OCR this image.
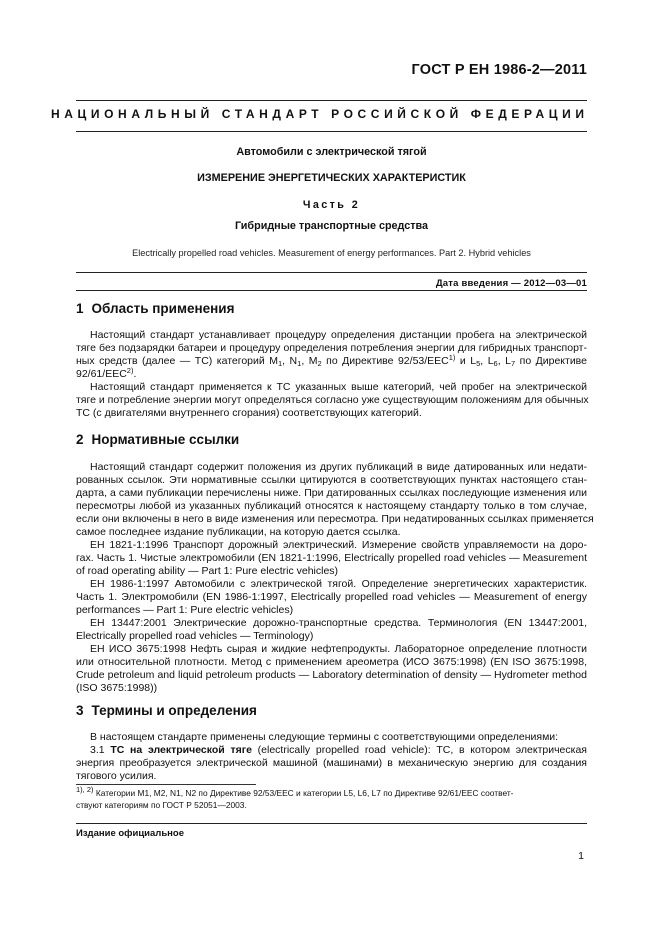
ГОСТ Р ЕН 1986-2—2011
НАЦИОНАЛЬНЫЙ СТАНДАРТ РОССИЙСКОЙ ФЕДЕРАЦИИ
Автомобили с электрической тягой
ИЗМЕРЕНИЕ ЭНЕРГЕТИЧЕСКИХ ХАРАКТЕРИСТИК
Часть 2
Гибридные транспортные средства
Electrically propelled road vehicles. Measurement of energy performances. Part 2. Hybrid vehicles
Дата введения — 2012—03—01
1 Область применения
Настоящий стандарт устанавливает процедуру определения дистанции пробега на электрической
тяге без подзарядки батареи и процедуру определения потребления энергии для гибридных транспорт-
ных средств (далее — ТС) категорий $M_1$, $N_1$, $M_2$ по Директиве 92/53/EEC$^{1)}$ и $L_5$, $L_6$, $L_7$ по Директиве
92/61/EEC$^{2)}$.
Настоящий стандарт применяется к ТС указанных выше категорий, чей пробег на электрической
тяге и потребление энергии могут определяться согласно уже существующим положениям для обычных
ТС (с двигателями внутреннего сгорания) соответствующих категорий.
2 Нормативные ссылки
Настоящий стандарт содержит положения из других публикаций в виде датированных или недати-
рованных ссылок. Эти нормативные ссылки цитируются в соответствующих пунктах настоящего стан-
дарта, а сами публикации перечислены ниже. При датированных ссылках последующие изменения или
пересмотры любой из указанных публикаций относятся к настоящему стандарту только в том случае,
если они включены в него в виде изменения или пересмотра. При недатированных ссылках применяется
самое последнее издание публикации, на которую дается ссылка.
ЕН 1821-1:1996 Транспорт дорожный электрический. Измерение свойств управляемости на доро-
гах. Часть 1. Чистые электромобили (EN 1821-1:1996, Electrically propelled road vehicles — Measurement
of road operating ability — Part 1: Pure electric vehicles)
ЕН 1986-1:1997 Автомобили с электрической тягой. Определение энергетических характеристик.
Часть 1. Электромобили (EN 1986-1:1997, Electrically propelled road vehicles — Measurement of energy
performances — Part 1: Pure electric vehicles)
ЕН 13447:2001 Электрические дорожно-транспортные средства. Терминология (EN 13447:2001,
Electrically propelled road vehicles — Terminology)
ЕН ИСО 3675:1998 Нефть сырая и жидкие нефтепродукты. Лабораторное определение плотности
или относительной плотности. Метод с применением ареометра (ИСО 3675:1998) (EN ISO 3675:1998,
Crude petroleum and liquid petroleum products — Laboratory determination of density — Hydrometer method
(ISO 3675:1998))
3 Термины и определения
В настоящем стандарте применены следующие термины с соответствующими определениями:
3.1 ТС на электрической тяге (electrically propelled road vehicle): ТС, в котором электрическая
энергия преобразуется электрической машиной (машинами) в механическую энергию для создания
тягового усилия.
$^{1), 2)}$ Категории M1, M2, N1, N2 по Директиве 92/53/EEC и категории L5, L6, L7 по Директиве 92/61/EEC соответ-
ствуют категориям по ГОСТ Р 52051—2003.
Издание официальное
1
